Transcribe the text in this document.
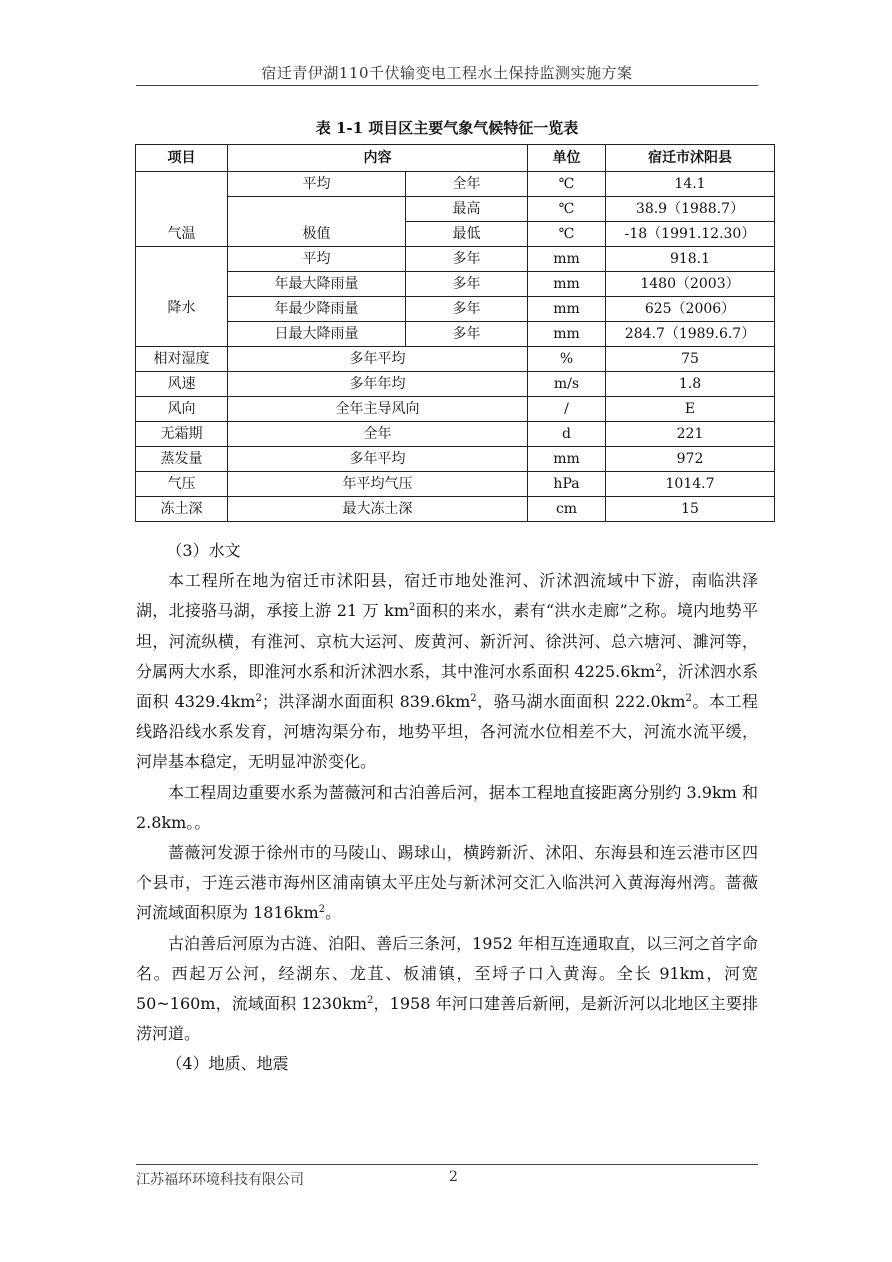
宿迁青伊湖110千伏输变电工程水土保持监测实施方案
表 1-1 项目区主要气象气候特征一览表
项目	内容		单位	宿迁市沭阳县
气温	平均	全年	℃	14.1
	极值	最高	℃	38.9（1988.7）
		最低	℃	-18（1991.12.30）
降水	平均	多年	mm	918.1
	年最大降雨量	多年	mm	1480（2003）
	年最少降雨量	多年	mm	625（2006）
	日最大降雨量	多年	mm	284.7（1989.6.7）
相对湿度	多年平均		%	75
风速	多年年均		m/s	1.8
风向	全年主导风向		/	E
无霜期	全年		d	221
蒸发量	多年平均		mm	972
气压	年平均气压		hPa	1014.7
冻土深	最大冻土深		cm	15

（3）水文

本工程所在地为宿迁市沭阳县，宿迁市地处淮河、沂沭泗流域中下游，南临洪泽湖，北接骆马湖，承接上游 21 万 $km^2$面积的来水，素有“洪水走廊”之称。境内地势平坦，河流纵横，有淮河、京杭大运河、废黄河、新沂河、徐洪河、总六塘河、濉河等，分属两大水系，即淮河水系和沂沭泗水系，其中淮河水系面积 $4225.6km^2$，沂沭泗水系面积 $4329.4km^2$；洪泽湖水面面积 $839.6km^2$，骆马湖水面面积 $222.0km^2$。本工程线路沿线水系发育，河塘沟渠分布，地势平坦，各河流水位相差不大，河流水流平缓，河岸基本稳定，无明显冲淤变化。

本工程周边重要水系为蔷薇河和古泊善后河，据本工程地直接距离分别约 3.9km 和 2.8km。。

蔷薇河发源于徐州市的马陵山、踢球山，横跨新沂、沭阳、东海县和连云港市区四个县市，于连云港市海州区浦南镇太平庄处与新沭河交汇入临洪河入黄海海州湾。蔷薇河流域面积原为 $1816km^2$。

古泊善后河原为古涟、泊阳、善后三条河，1952 年相互连通取直，以三河之首字命名。西起万公河，经湖东、龙苴、板浦镇，至埒子口入黄海。全长 91km，河宽 50~160m，流域面积 $1230km^2$，1958 年河口建善后新闸，是新沂河以北地区主要排涝河道。

（4）地质、地震

江苏福环环境科技有限公司	2
